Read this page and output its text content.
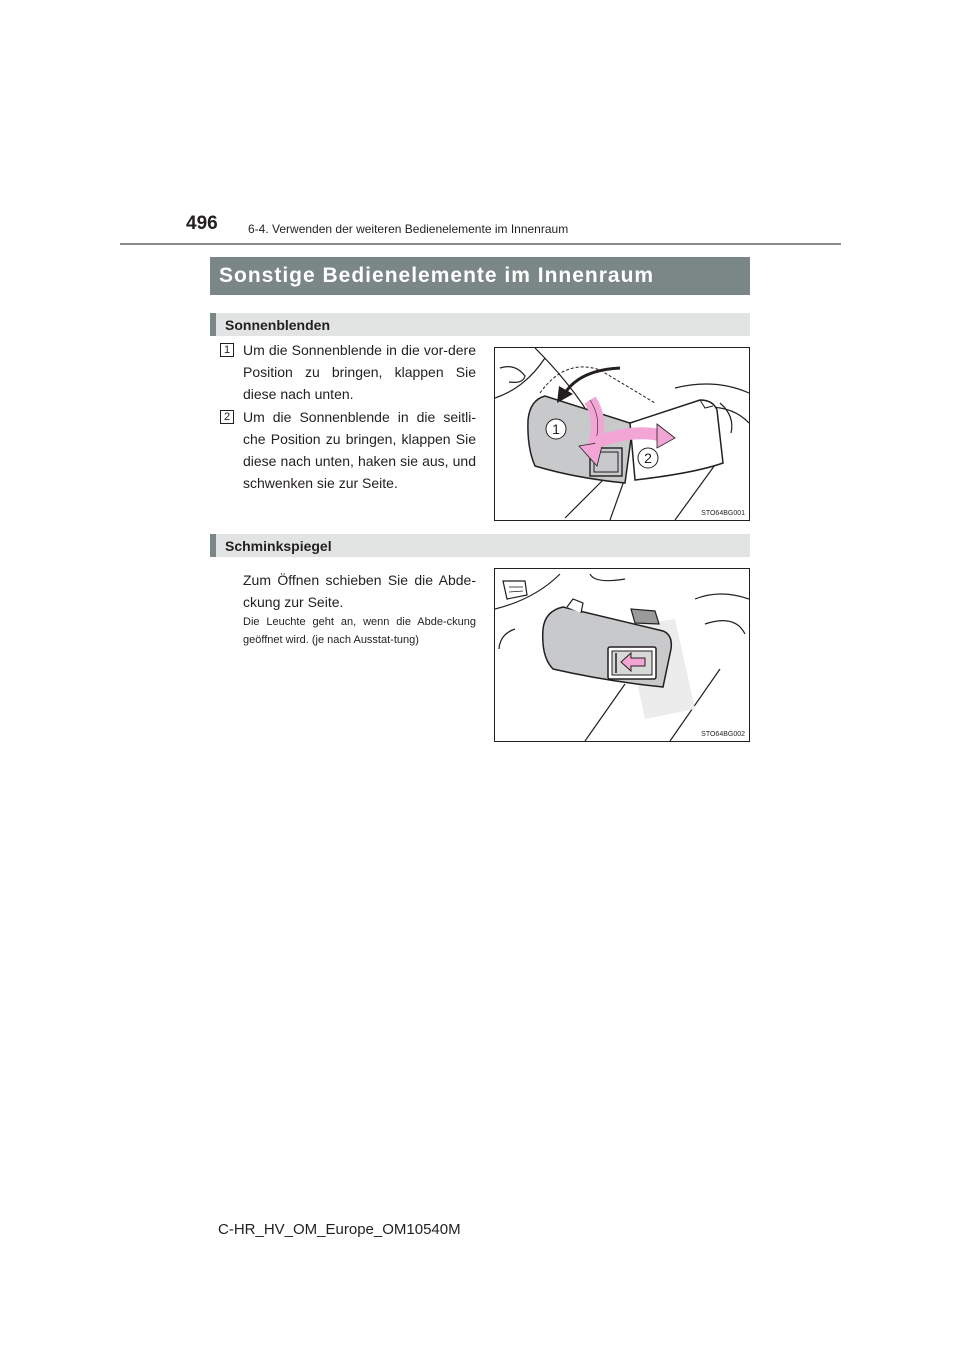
496	6-4. Verwenden der weiteren Bedienelemente im Innenraum
Sonstige Bedienelemente im Innenraum
Sonnenblenden
1 Um die Sonnenblende in die vor-dere Position zu bringen, klappen Sie diese nach unten.
2 Um die Sonnenblende in die seitli-che Position zu bringen, klappen Sie diese nach unten, haken sie aus, und schwenken sie zur Seite.
1
2
STO64BG001
Schminkspiegel
Zum Öffnen schieben Sie die Abde-ckung zur Seite.
Die Leuchte geht an, wenn die Abde-ckung geöffnet wird. (je nach Ausstat-tung)
STO64BG002
C-HR_HV_OM_Europe_OM10540M
